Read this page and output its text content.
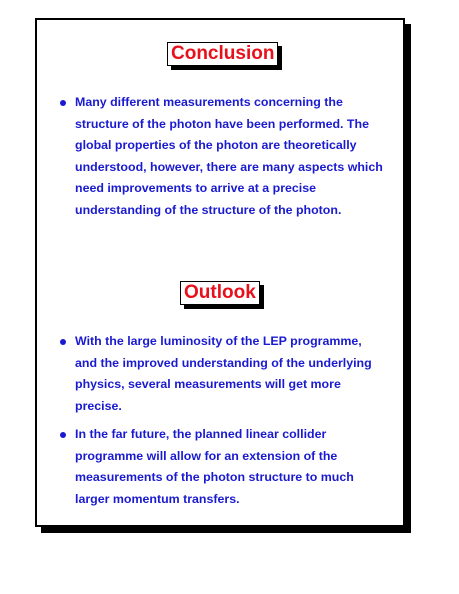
Conclusion
Many different measurements concerning the structure of the photon have been performed. The global properties of the photon are theoretically understood, however, there are many aspects which need improvements to arrive at a precise understanding of the structure of the photon.
Outlook
With the large luminosity of the LEP programme, and the improved understanding of the underlying physics, several measurements will get more precise.
In the far future, the planned linear collider programme will allow for an extension of the measurements of the photon structure to much larger momentum transfers.
